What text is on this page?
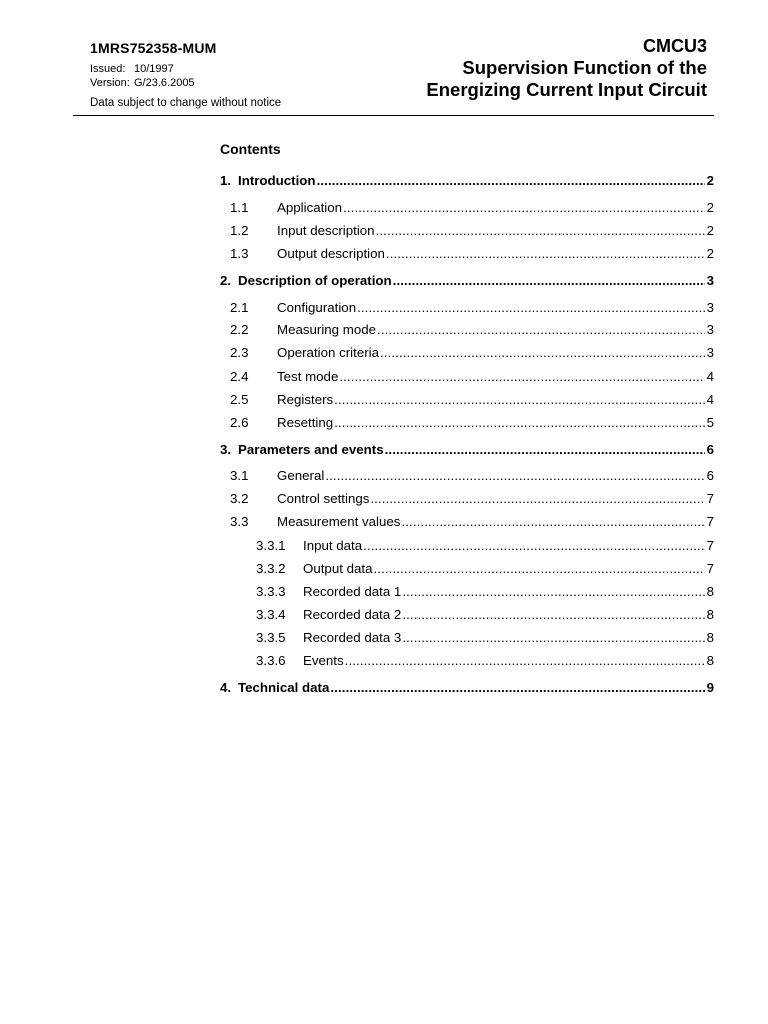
1MRS752358-MUM
Issued: 10/1997
Version: G/23.6.2005
Data subject to change without notice
CMCU3
Supervision Function of the
Energizing Current Input Circuit
Contents
1. Introduction .....	2
1.1	Application .....	2
1.2	Input description .....	2
1.3	Output description .....	2
2. Description of operation .....	3
2.1	Configuration .....	3
2.2	Measuring mode .....	3
2.3	Operation criteria .....	3
2.4	Test mode .....	4
2.5	Registers .....	4
2.6	Resetting .....	5
3. Parameters and events .....	6
3.1	General .....	6
3.2	Control settings .....	7
3.3	Measurement values .....	7
3.3.1	Input data .....	7
3.3.2	Output data .....	7
3.3.3	Recorded data 1 .....	8
3.3.4	Recorded data 2 .....	8
3.3.5	Recorded data 3 .....	8
3.3.6	Events .....	8
4. Technical data .....	9
